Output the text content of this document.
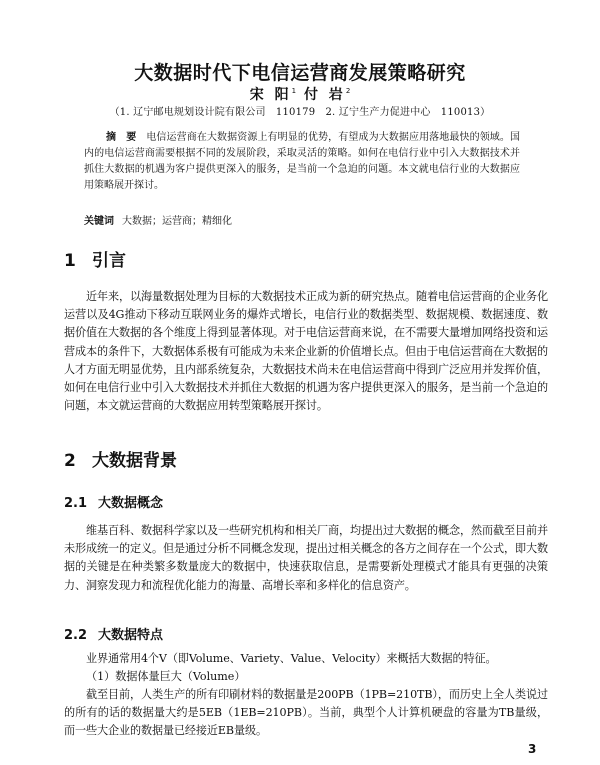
大数据时代下电信运营商发展策略研究
宋 阳$^1$ 付 岩$^2$
（1. 辽宁邮电规划设计院有限公司　110179　2. 辽宁生产力促进中心　110013）
摘　要 电信运营商在大数据资源上有明显的优势，有望成为大数据应用落地最快的领域。国内的电信运营商需要根据不同的发展阶段，采取灵活的策略。如何在电信行业中引入大数据技术并抓住大数据的机遇为客户提供更深入的服务，是当前一个急迫的问题。本文就电信行业的大数据应用策略展开探讨。
关键词 大数据；运营商；精细化
1 引言
近年来，以海量数据处理为目标的大数据技术正成为新的研究热点。随着电信运营商的企业务化运营以及4G推动下移动互联网业务的爆炸式增长，电信行业的数据类型、数据规模、数据速度、数据价值在大数据的各个维度上得到显著体现。对于电信运营商来说，在不需要大量增加网络投资和运营成本的条件下，大数据体系极有可能成为未来企业新的价值增长点。但由于电信运营商在大数据的人才方面无明显优势，且内部系统复杂，大数据技术尚未在电信运营商中得到广泛应用并发挥价值，如何在电信行业中引入大数据技术并抓住大数据的机遇为客户提供更深入的服务，是当前一个急迫的问题，本文就运营商的大数据应用转型策略展开探讨。
2 大数据背景
2.1 大数据概念
维基百科、数据科学家以及一些研究机构和相关厂商，均提出过大数据的概念，然而截至目前并未形成统一的定义。但是通过分析不同概念发现，提出过相关概念的各方之间存在一个公式，即大数据的关键是在种类繁多数量庞大的数据中，快速获取信息，是需要新处理模式才能具有更强的决策力、洞察发现力和流程优化能力的海量、高增长率和多样化的信息资产。
2.2 大数据特点
业界通常用4个V（即Volume、Variety、Value、Velocity）来概括大数据的特征。
（1）数据体量巨大（Volume）
截至目前，人类生产的所有印刷材料的数据量是200PB（1PB=210TB），而历史上全人类说过的所有的话的数据量大约是5EB（1EB=210PB）。当前，典型个人计算机硬盘的容量为TB量级，而一些大企业的数据量已经接近EB量级。
3
